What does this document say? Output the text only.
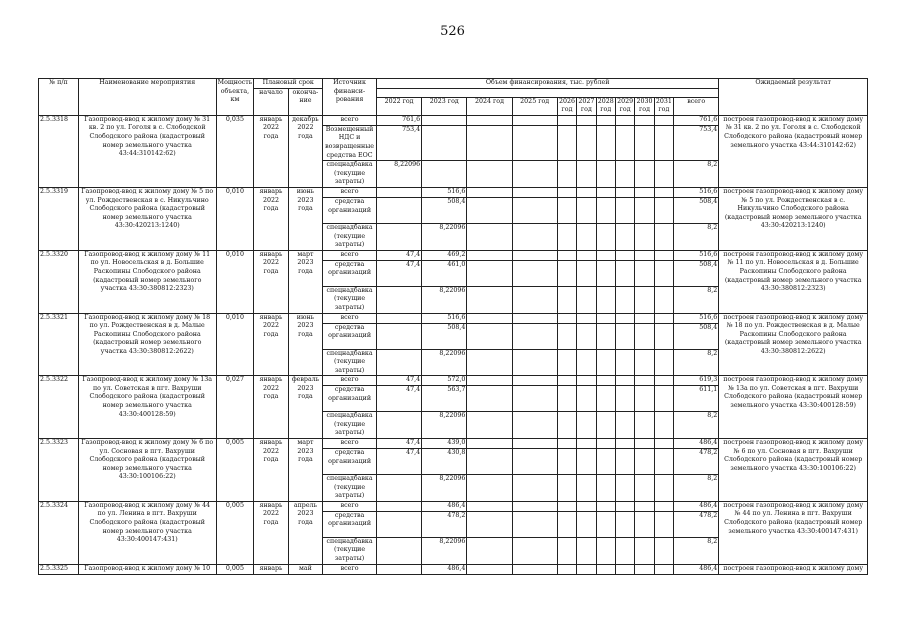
526
№ п/п	Наименование мероприятия	Мощность объекта, км	Плановый срок		Источник финанси-рования	Объем финансирования, тыс. рублей											Ожидаемый результат
			начало	оконча-ние													
						2022 год	2023 год	2024 год	2025 год	2026 год	2027 год	2028 год	2029 год	2030 год	2031 год	всего	
2.5.3318	Газопровод-ввод к жилому дому № 31 кв. 2 по ул. Гоголя в с. Слободской Слободского района (кадастровый номер земельного участка 43:44:310142:62)	0,035	январь 2022 года	декабрь 2022 года	всего	761,6										761,6	построен газопровод-ввод к жилому дому № 31 кв. 2 по ул. Гоголя в с. Слободской Слободского района (кадастровый номер земельного участка 43:44:310142:62)
					Возмещенный НДС и возвращенные средства ЕОС	753,4										753,4	
					спецнадбавка (текущие затраты)	8,22096										8,2	
2.5.3319	Газопровод-ввод к жилому дому № 5 по ул. Рождественская в с. Никульчино Слободского района (кадастровый номер земельного участка 43:30:420213:1240)	0,010	январь 2022 года	июнь 2023 года	всего		516,6									516,6	построен газопровод-ввод к жилому дому № 5 по ул. Рождественская в с. Никульчино Слободского района (кадастровый номер земельного участка 43:30:420213:1240)
					средства организаций		508,4									508,4	
					спецнадбавка (текущие затраты)		8,22096									8,2	
2.5.3320	Газопровод-ввод к жилому дому № 11 по ул. Новосельская в д. Большие Раскопины Слободского района (кадастровый номер земельного участка 43:30:380812:2323)	0,010	январь 2022 года	март 2023 года	всего	47,4	469,2									516,6	построен газопровод-ввод к жилому дому № 11 по ул. Новосельская в д. Большие Раскопины Слободского района (кадастровый номер земельного участка 43:30:380812:2323)
					средства организаций	47,4	461,0									508,4	
					спецнадбавка (текущие затраты)		8,22096									8,2	
2.5.3321	Газопровод-ввод к жилому дому № 18 по ул. Рождественская в д. Малые Раскопины Слободского района (кадастровый номер земельного участка 43:30:380812:2622)	0,010	январь 2022 года	июнь 2023 года	всего		516,6									516,6	построен газопровод-ввод к жилому дому № 18 по ул. Рождественская в д. Малые Раскопины Слободского района (кадастровый номер земельного участка 43:30:380812:2622)
					средства организаций		508,4									508,4	
					спецнадбавка (текущие затраты)		8,22096									8,2	
2.5.3322	Газопровод-ввод к жилому дому № 13а по ул. Советская в пгт. Вахруши Слободского района (кадастровый номер земельного участка 43:30:400128:59)	0,027	январь 2022 года	февраль 2023 года	всего	47,4	572,0									619,3	построен газопровод-ввод к жилому дому № 13а по ул. Советская в пгт. Вахруши Слободского района (кадастровый номер земельного участка 43:30:400128:59)
					средства организаций	47,4	563,7									611,1	
					спецнадбавка (текущие затраты)		8,22096									8,2	
2.5.3323	Газопровод-ввод к жилому дому № 6 по ул. Сосновая в пгт. Вахруши Слободского района (кадастровый номер земельного участка 43:30:100106:22)	0,005	январь 2022 года	март 2023 года	всего	47,4	439,0									486,4	построен газопровод-ввод к жилому дому № 6 по ул. Сосновая в пгт. Вахруши Слободского района (кадастровый номер земельного участка 43:30:100106:22)
					средства организаций	47,4	430,8									478,2	
					спецнадбавка (текущие затраты)		8,22096									8,2	
2.5.3324	Газопровод-ввод к жилому дому № 44 по ул. Ленина в пгт. Вахруши Слободского района (кадастровый номер земельного участка 43:30:400147:431)	0,005	январь 2022 года	апрель 2023 года	всего		486,4									486,4	построен газопровод-ввод к жилому дому № 44 по ул. Ленина в пгт. Вахруши Слободского района (кадастровый номер земельного участка 43:30:400147:431)
					средства организаций		478,2									478,2	
					спецнадбавка (текущие затраты)		8,22096									8,2	
2.5.3325	Газопровод-ввод к жилому дому № 10	0,005	январь	май	всего		486,4									486,4	построен газопровод-ввод к жилому дому
